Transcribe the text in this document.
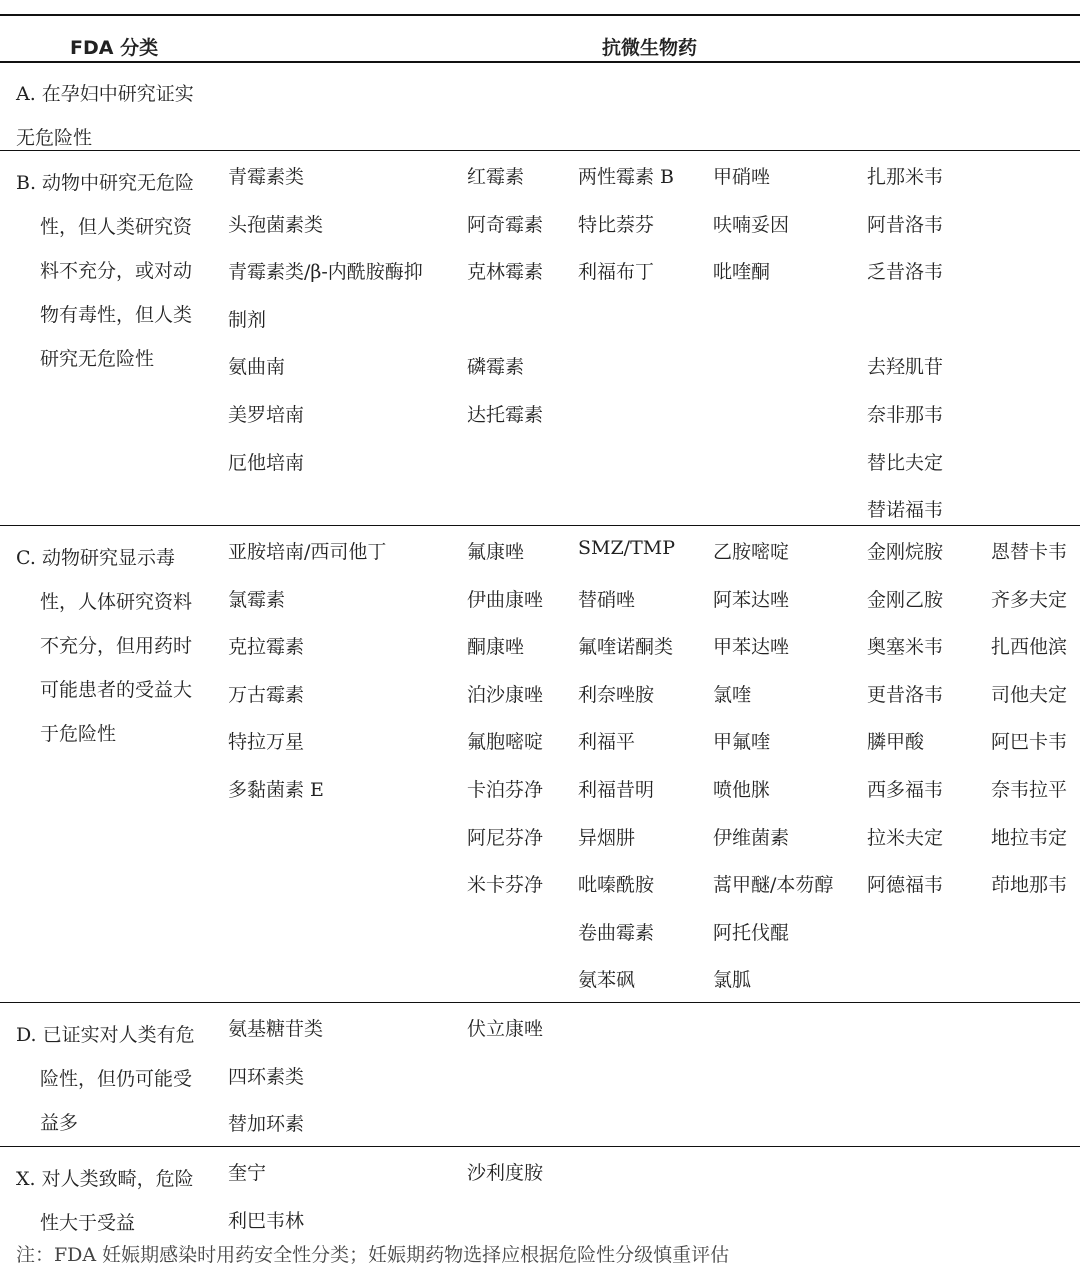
FDA 分类	抗微生物药
A. 在孕妇中研究证实
无危险性
B. 动物中研究无危险
性，但人类研究资
料不充分，或对动
物有毒性，但人类
研究无危险性
C. 动物研究显示毒
性，人体研究资料
不充分，但用药时
可能患者的受益大
于危险性
D. 已证实对人类有危
险性，但仍可能受
益多
X. 对人类致畸，危险
性大于受益
青霉素类
头孢菌素类
青霉素类/β-内酰胺酶抑
制剂
氨曲南
美罗培南
厄他培南
红霉素
阿奇霉素
克林霉素
磷霉素
达托霉素
两性霉素 B
特比萘芬
利福布丁
甲硝唑
呋喃妥因
吡喹酮
扎那米韦
阿昔洛韦
乏昔洛韦
去羟肌苷
奈非那韦
替比夫定
替诺福韦
亚胺培南/西司他丁
氯霉素
克拉霉素
万古霉素
特拉万星
多黏菌素 E
氟康唑
伊曲康唑
酮康唑
泊沙康唑
氟胞嘧啶
卡泊芬净
阿尼芬净
米卡芬净
SMZ/TMP
替硝唑
氟喹诺酮类
利奈唑胺
利福平
利福昔明
异烟肼
吡嗪酰胺
卷曲霉素
氨苯砜
乙胺嘧啶
阿苯达唑
甲苯达唑
氯喹
甲氟喹
喷他脒
伊维菌素
蒿甲醚/本芴醇
阿托伐醌
氯胍
金刚烷胺
金刚乙胺
奥塞米韦
更昔洛韦
膦甲酸
西多福韦
拉米夫定
阿德福韦
恩替卡韦
齐多夫定
扎西他滨
司他夫定
阿巴卡韦
奈韦拉平
地拉韦定
茚地那韦
氨基糖苷类
四环素类
替加环素
伏立康唑
奎宁
利巴韦林
沙利度胺
注：FDA 妊娠期感染时用药安全性分类；妊娠期药物选择应根据危险性分级慎重评估
